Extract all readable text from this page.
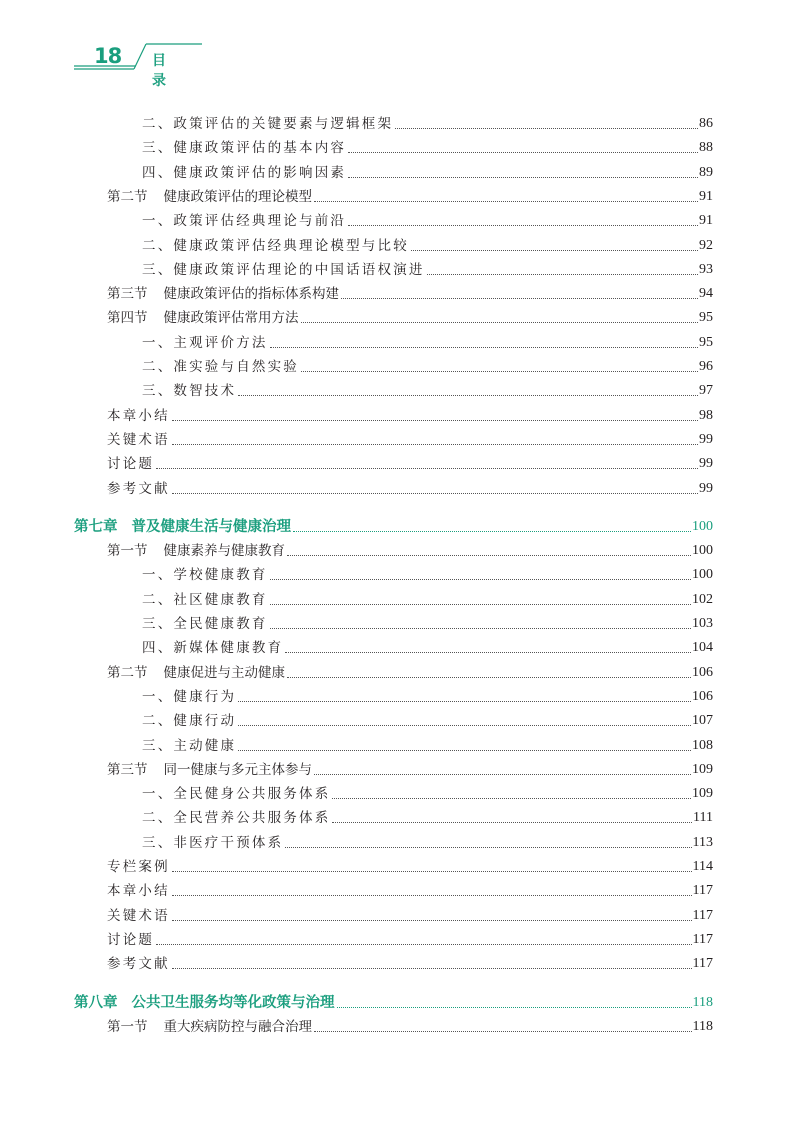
18 目 录
二、政策评估的关键要素与逻辑框架	86
三、健康政策评估的基本内容	88
四、健康政策评估的影响因素	89
第二节 健康政策评估的理论模型	91
一、政策评估经典理论与前沿	91
二、健康政策评估经典理论模型与比较	92
三、健康政策评估理论的中国话语权演进	93
第三节 健康政策评估的指标体系构建	94
第四节 健康政策评估常用方法	95
一、主观评价方法	95
二、准实验与自然实验	96
三、数智技术	97
本章小结	98
关键术语	99
讨论题	99
参考文献	99
第七章 普及健康生活与健康治理	100
第一节 健康素养与健康教育	100
一、学校健康教育	100
二、社区健康教育	102
三、全民健康教育	103
四、新媒体健康教育	104
第二节 健康促进与主动健康	106
一、健康行为	106
二、健康行动	107
三、主动健康	108
第三节 同一健康与多元主体参与	109
一、全民健身公共服务体系	109
二、全民营养公共服务体系	111
三、非医疗干预体系	113
专栏案例	114
本章小结	117
关键术语	117
讨论题	117
参考文献	117
第八章 公共卫生服务均等化政策与治理	118
第一节 重大疾病防控与融合治理	118
